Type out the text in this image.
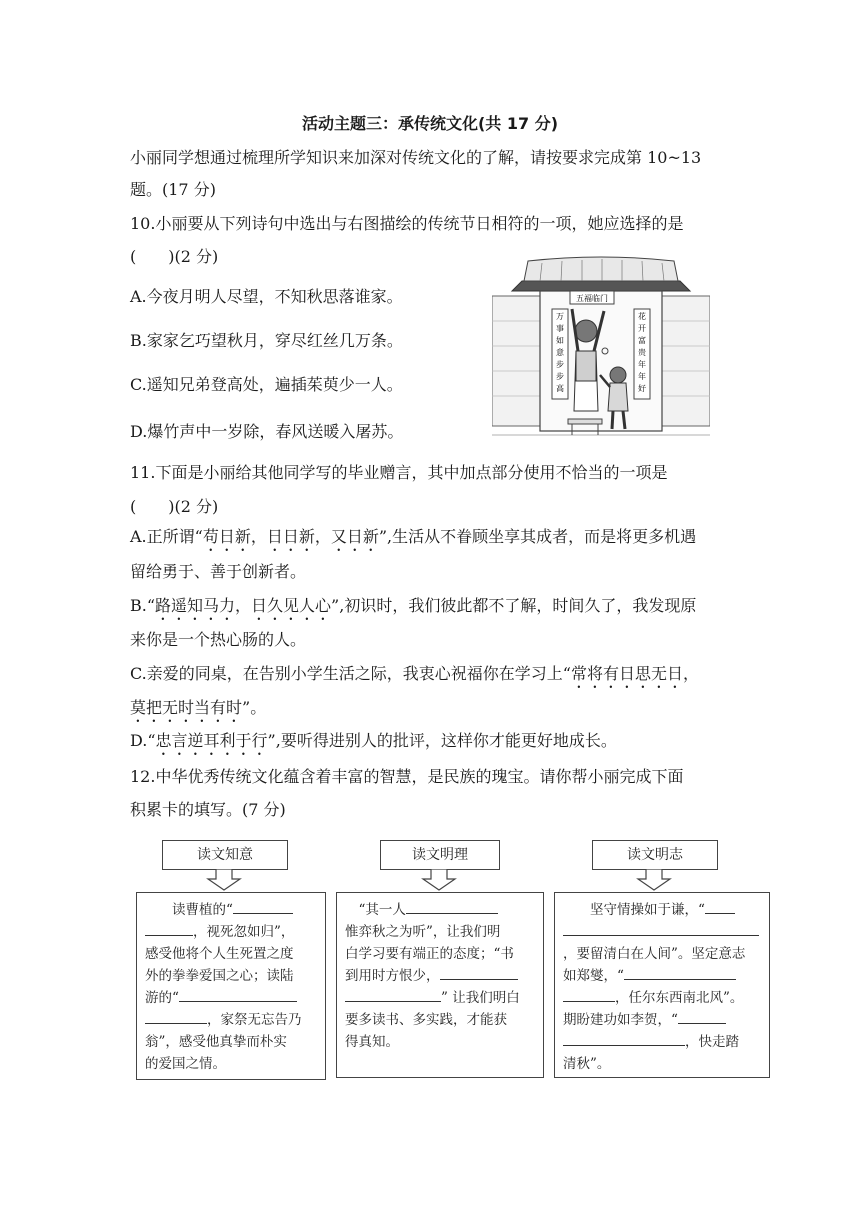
活动主题三：承传统文化(共 17 分)
小丽同学想通过梳理所学知识来加深对传统文化的了解，请按要求完成第 10~13
题。(17 分)
10.小丽要从下列诗句中选出与右图描绘的传统节日相符的一项，她应选择的是
(　　)(2 分)
A.今夜月明人尽望，不知秋思落谁家。
B.家家乞巧望秋月，穿尽红丝几万条。
C.遥知兄弟登高处，遍插茱萸少一人。
D.爆竹声中一岁除，春风送暖入屠苏。
万事如意步步高
花开富贵年年好
五福临门
11.下面是小丽给其他同学写的毕业赠言，其中加点部分使用不恰当的一项是
(　　)(2 分)
A.正所谓“苟日新，日日新，又日新”,生活从不眷顾坐享其成者，而是将更多机遇
留给勇于、善于创新者。
B.“路遥知马力，日久见人心”,初识时，我们彼此都不了解，时间久了，我发现原
来你是一个热心肠的人。
C.亲爱的同桌，在告别小学生活之际，我衷心祝福你在学习上“常将有日思无日，
莫把无时当有时”。
D.“忠言逆耳利于行”,要听得进别人的批评，这样你才能更好地成长。
12.中华优秀传统文化蕴含着丰富的智慧，是民族的瑰宝。请你帮小丽完成下面
积累卡的填写。(7 分)
读文知意

读曹植的“

，视死忽如归”，

感受他将个人生死置之度

外的拳拳爱国之心；读陆

游的“

，家祭无忘告乃

翁”，感受他真挚而朴实

的爱国之情。

读文明理

“其一人

惟弈秋之为听”，让我们明

白学习要有端正的态度；“书

到用时方恨少，

” 让我们明白

要多读书、多实践，才能获

得真知。

读文明志

坚守情操如于谦，“

，要留清白在人间”。坚定意志

如郑燮，“

，任尔东西南北风”。

期盼建功如李贺，“

，快走踏

清秋”。
